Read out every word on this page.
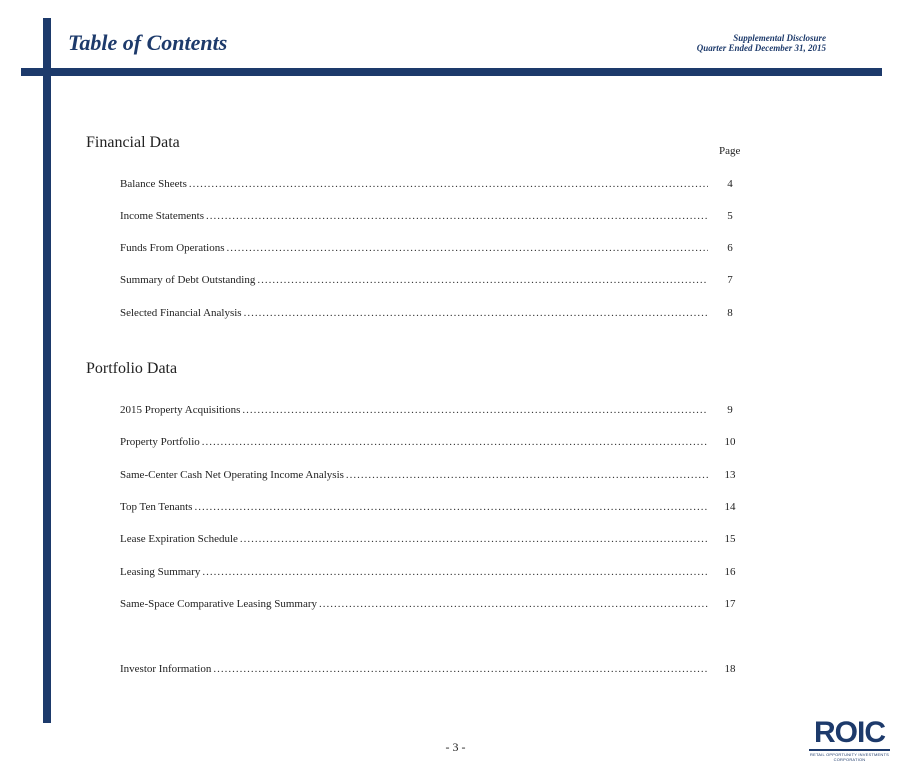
Table of Contents	Supplemental Disclosure
Quarter Ended December 31, 2015
Financial Data	Page
Balance Sheets .....	4
Income Statements .....	5
Funds From Operations .....	6
Summary of Debt Outstanding .....	7
Selected Financial Analysis .....	8
Portfolio Data
2015 Property Acquisitions .....	9
Property Portfolio .....	10
Same-Center Cash Net Operating Income Analysis .....	13
Top Ten Tenants .....	14
Lease Expiration Schedule .....	15
Leasing Summary .....	16
Same-Space Comparative Leasing Summary .....	17
Investor Information .....	18
- 3 -	ROIC
RETAIL OPPORTUNITY INVESTMENTS CORPORATION
